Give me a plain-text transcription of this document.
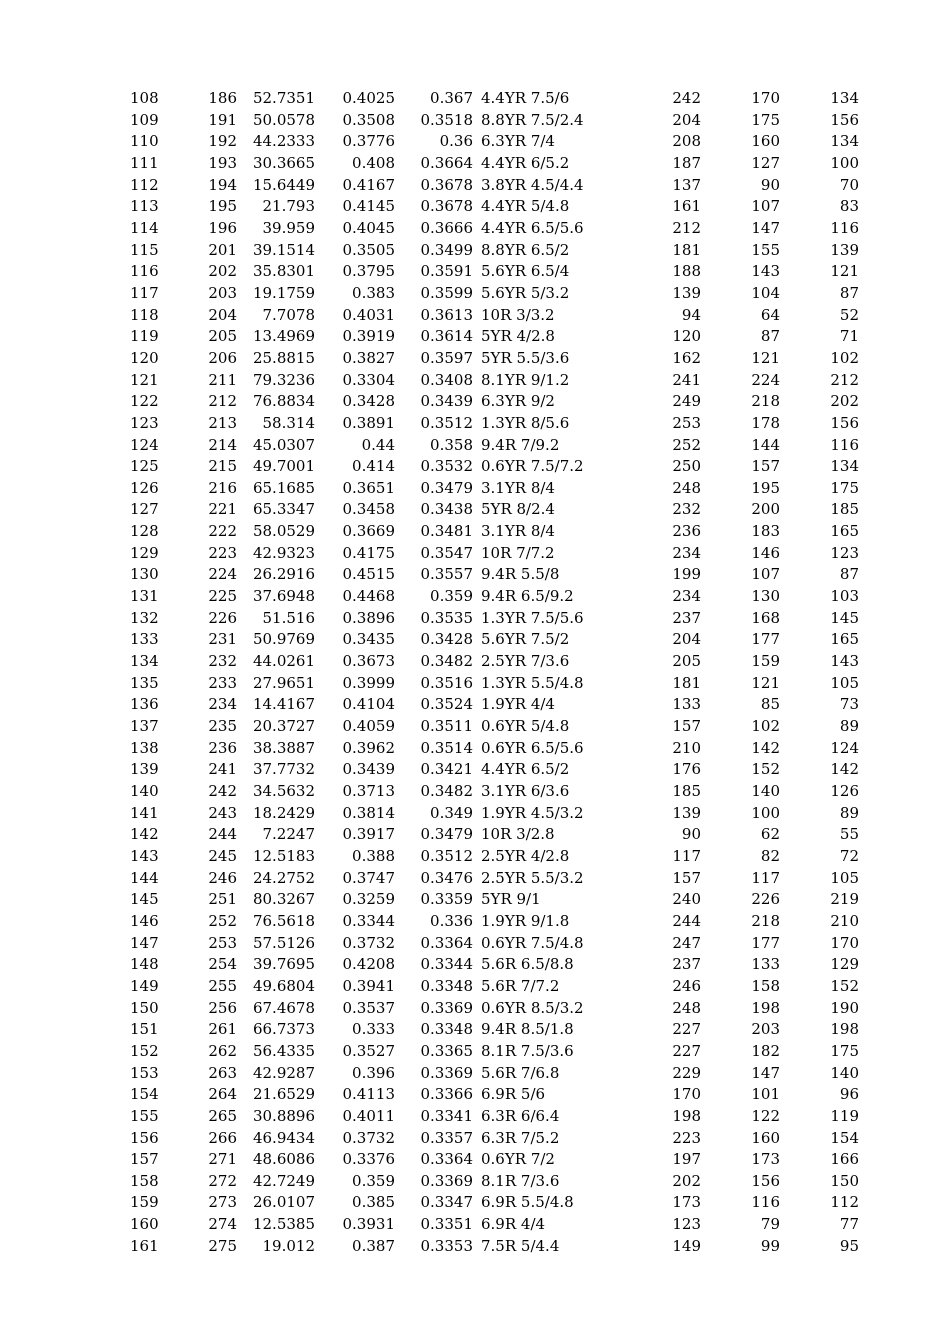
108	186 52.7351 0.4025 0.367 4.4YR 7.5/6	242	170	134
109	191 50.0578 0.3508 0.3518 8.8YR 7.5/2.4	204	175	156
110	192 44.2333 0.3776	0.36 6.3YR 7/4	208	160	134
111	193 30.3665 0.408 0.3664 4.4YR 6/5.2	187	127	100
112	194 15.6449 0.4167 0.3678 3.8YR 4.5/4.4	137	90	70
113	195 21.793 0.4145 0.3678 4.4YR 5/4.8	161	107	83
114	196 39.959 0.4045 0.3666 4.4YR 6.5/5.6	212	147	116
115	201 39.1514 0.3505 0.3499 8.8YR 6.5/2	181	155	139
116	202 35.8301 0.3795 0.3591 5.6YR 6.5/4	188	143	121
117	203 19.1759 0.383 0.3599 5.6YR 5/3.2	139	104	87
118	204 7.7078 0.4031 0.3613 10R 3/3.2	94	64	52
119	205 13.4969 0.3919 0.3614 5YR 4/2.8	120	87	71
120	206 25.8815 0.3827 0.3597 5YR 5.5/3.6	162	121	102
121	211 79.3236 0.3304 0.3408 8.1YR 9/1.2	241	224	212
122	212 76.8834 0.3428 0.3439 6.3YR 9/2	249	218	202
123	213 58.314 0.3891 0.3512 1.3YR 8/5.6	253	178	156
124	214 45.0307	0.44 0.358 9.4R 7/9.2	252	144	116
125	215 49.7001 0.414 0.3532 0.6YR 7.5/7.2	250	157	134
126	216 65.1685 0.3651 0.3479 3.1YR 8/4	248	195	175
127	221 65.3347 0.3458 0.3438 5YR 8/2.4	232	200	185
128	222 58.0529 0.3669 0.3481 3.1YR 8/4	236	183	165
129	223 42.9323 0.4175 0.3547 10R 7/7.2	234	146	123
130	224 26.2916 0.4515 0.3557 9.4R 5.5/8	199	107	87
131	225 37.6948 0.4468 0.359 9.4R 6.5/9.2	234	130	103
132	226 51.516 0.3896 0.3535 1.3YR 7.5/5.6	237	168	145
133	231 50.9769 0.3435 0.3428 5.6YR 7.5/2	204	177	165
134	232 44.0261 0.3673 0.3482 2.5YR 7/3.6	205	159	143
135	233 27.9651 0.3999 0.3516 1.3YR 5.5/4.8	181	121	105
136	234 14.4167 0.4104 0.3524 1.9YR 4/4	133	85	73
137	235 20.3727 0.4059 0.3511 0.6YR 5/4.8	157	102	89
138	236 38.3887 0.3962 0.3514 0.6YR 6.5/5.6	210	142	124
139	241 37.7732 0.3439 0.3421 4.4YR 6.5/2	176	152	142
140	242 34.5632 0.3713 0.3482 3.1YR 6/3.6	185	140	126
141	243 18.2429 0.3814 0.349 1.9YR 4.5/3.2	139	100	89
142	244 7.2247 0.3917 0.3479 10R 3/2.8	90	62	55
143	245 12.5183 0.388 0.3512 2.5YR 4/2.8	117	82	72
144	246 24.2752 0.3747 0.3476 2.5YR 5.5/3.2	157	117	105
145	251 80.3267 0.3259 0.3359 5YR 9/1	240	226	219
146	252 76.5618 0.3344 0.336 1.9YR 9/1.8	244	218	210
147	253 57.5126 0.3732 0.3364 0.6YR 7.5/4.8	247	177	170
148	254 39.7695 0.4208 0.3344 5.6R 6.5/8.8	237	133	129
149	255 49.6804 0.3941 0.3348 5.6R 7/7.2	246	158	152
150	256 67.4678 0.3537 0.3369 0.6YR 8.5/3.2	248	198	190
151	261 66.7373 0.333 0.3348 9.4R 8.5/1.8	227	203	198
152	262 56.4335 0.3527 0.3365 8.1R 7.5/3.6	227	182	175
153	263 42.9287 0.396 0.3369 5.6R 7/6.8	229	147	140
154	264 21.6529 0.4113 0.3366 6.9R 5/6	170	101	96
155	265 30.8896 0.4011 0.3341 6.3R 6/6.4	198	122	119
156	266 46.9434 0.3732 0.3357 6.3R 7/5.2	223	160	154
157	271 48.6086 0.3376 0.3364 0.6YR 7/2	197	173	166
158	272 42.7249 0.359 0.3369 8.1R 7/3.6	202	156	150
159	273 26.0107 0.385 0.3347 6.9R 5.5/4.8	173	116	112
160	274 12.5385 0.3931 0.3351 6.9R 4/4	123	79	77
161	275 19.012 0.387 0.3353 7.5R 5/4.4	149	99	95
